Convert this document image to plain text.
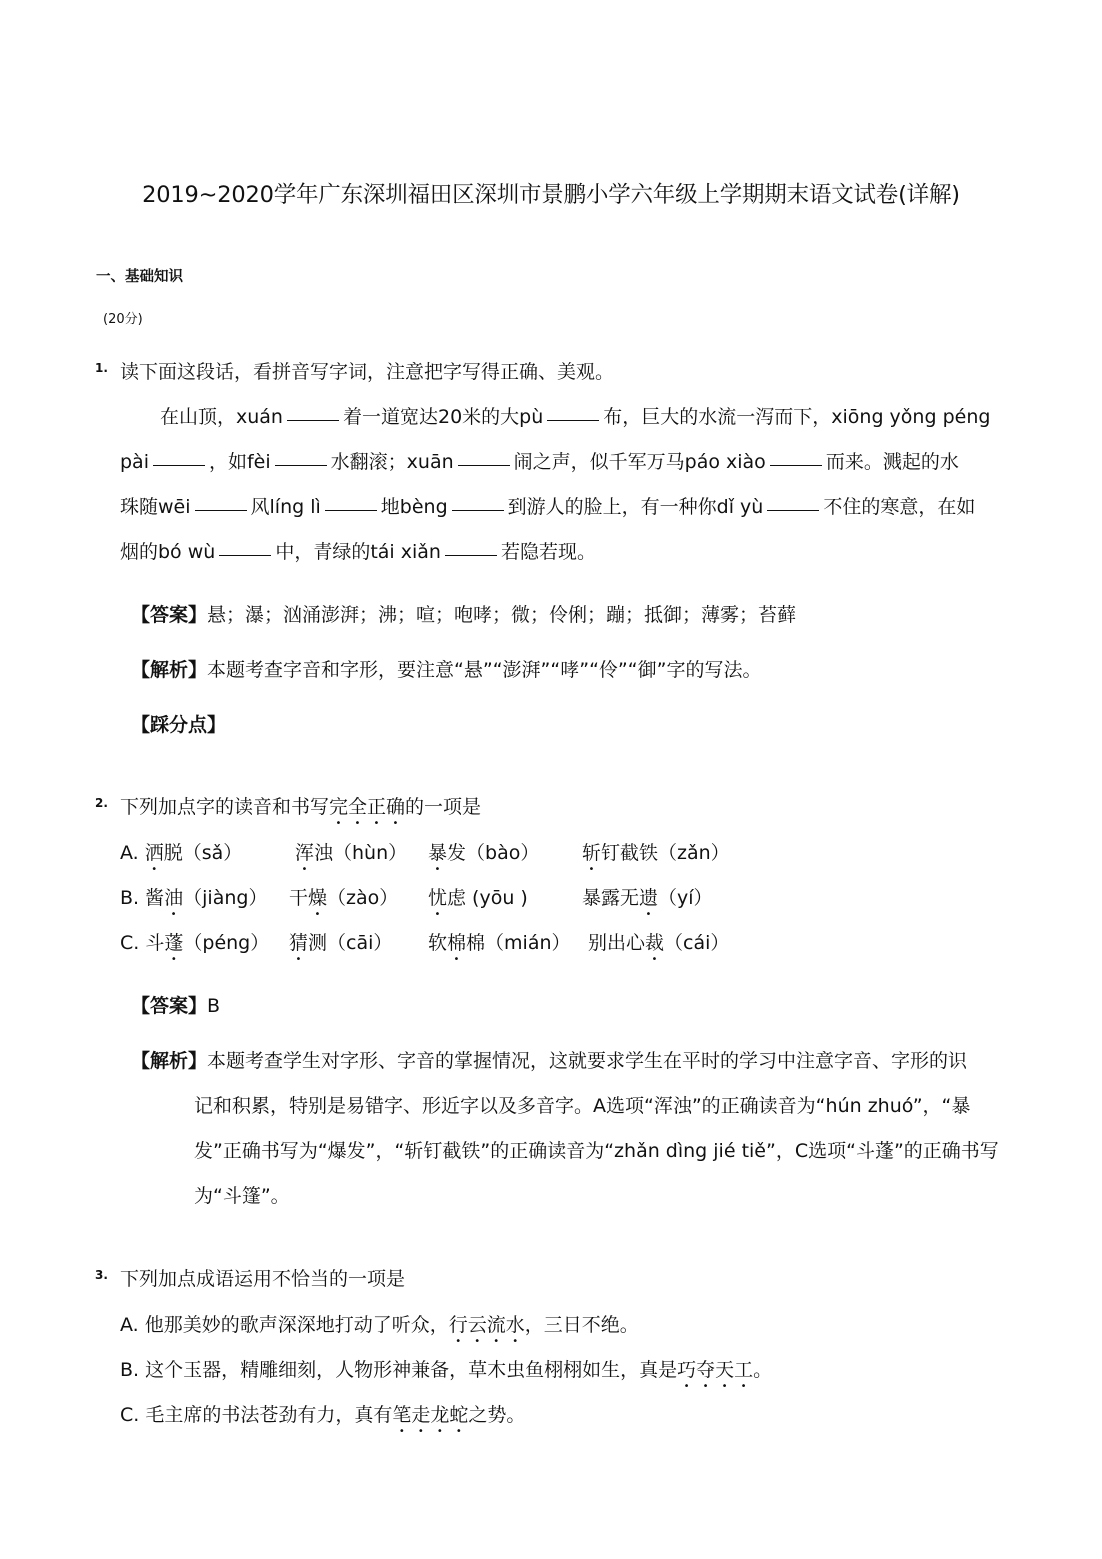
2019~2020学年广东深圳福田区深圳市景鹏小学六年级上学期期末语文试卷(详解)
一、基础知识
(20分)
1. 读下面这段话，看拼音写字词，注意把字写得正确、美观。
在山顶，xuán	着一道宽达20米的大pù	布，巨大的水流一泻而下，xiōng yǒng péng
pài	，如fèi	水翻滚；xuān	闹之声，似千军万马páo xiào	而来。溅起的水
珠随wēi	风líng lì	地bèng	到游人的脸上，有一种你dǐ yù	不住的寒意，在如
烟的bó wù	中，青绿的tái xiǎn	若隐若现。
【答案】悬；瀑；汹涌澎湃；沸；喧；咆哮；微；伶俐；蹦；抵御；薄雾；苔藓
【解析】本题考查字音和字形，要注意“悬”“澎湃”“哮”“伶”“御”字的写法。
【踩分点】
2. 下列加点字的读音和书写完全正确的一项是
A. 洒脱（sǎ）	浑浊（hùn） 暴发（bào） 斩钉截铁（zǎn）
B. 酱油（jiàng） 干燥（zào） 忧虑 (yōu )	暴露无遗（yí）
C. 斗蓬（péng） 猜测（cāi） 软棉棉（mián） 别出心裁（cái）
【答案】B
【解析】本题考查学生对字形、字音的掌握情况，这就要求学生在平时的学习中注意字音、字形的识
记和积累，特别是易错字、形近字以及多音字。A选项“浑浊”的正确读音为“hún zhuó”，“暴
发”正确书写为“爆发”，“斩钉截铁”的正确读音为“zhǎn dìng jié tiě”，C选项“斗蓬”的正确书写
为“斗篷”。
3. 下列加点成语运用不恰当的一项是
A. 他那美妙的歌声深深地打动了听众，行云流水，三日不绝。
B. 这个玉器，精雕细刻，人物形神兼备，草木虫鱼栩栩如生，真是巧夺天工。
C. 毛主席的书法苍劲有力，真有笔走龙蛇之势。
